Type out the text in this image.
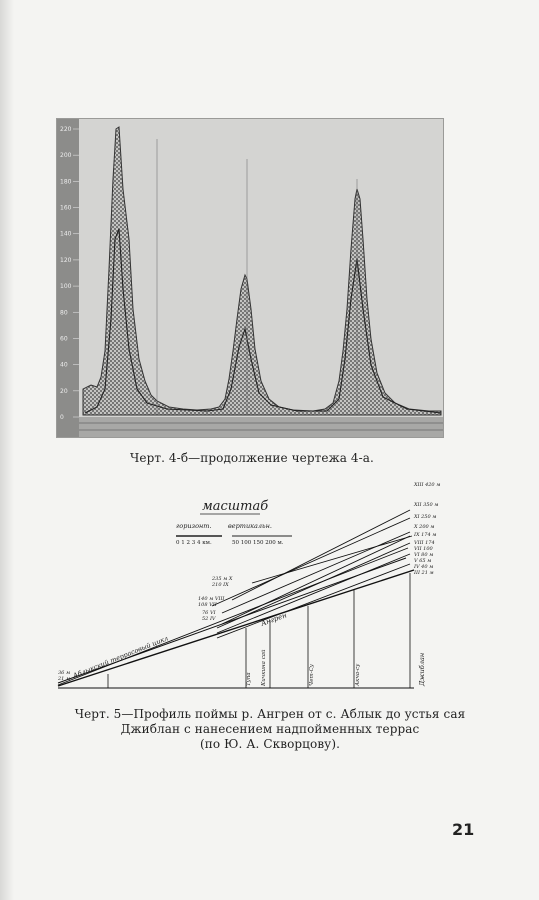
220
200
180
160
140
120
100
80
60
40
20
0

Черт. 4-б—продолжение чертежа 4-а.

масштаб
горизонт.	вертикальн.
0 1 2 3 4 км.	50 100 150 200 м.
XIII 420 м
XII 350 м
XI 250 м
X 200 м
IX 174 м
VIII 174
VII 100
VI 80 м
V 65 м
IV 40 м
III 21 м
235 м X
210 IX
140 м VIII
108 VII
76 VI
52 IV
36 м
21 м
Ангрен
Аблыкский террасовый цикл	Тупа Кичкина сай	Чет-Су	Акча-су	Джиблан

Черт. 5—Профиль поймы р. Ангрен от с. Аблык до устья сая
Джиблан с нанесением надпойменных террас
(по Ю. А. Скворцову).

21
